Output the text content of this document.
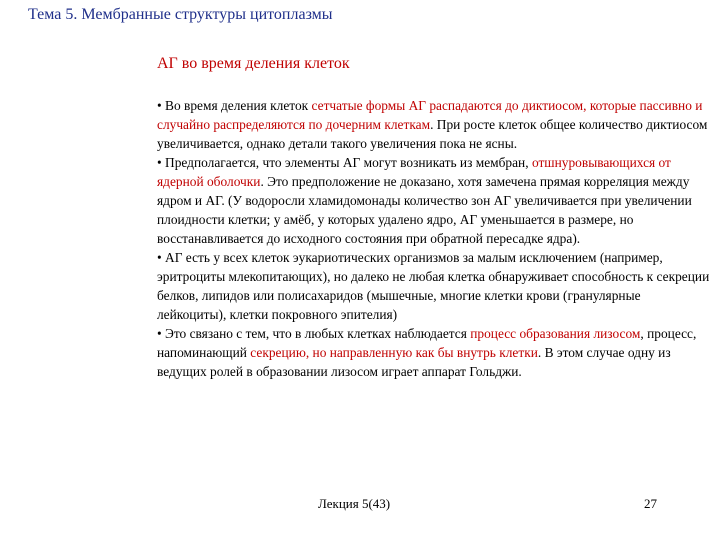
Тема 5. Мембранные структуры цитоплазмы
АГ во время деления клеток

• Во время деления клеток сетчатые формы АГ распадаются до диктиосом, которые пассивно и случайно распределяются по дочерним клеткам. При росте клеток общее количество диктиосом увеличивается, однако детали такого увеличения пока не ясны.

• Предполагается, что элементы АГ могут возникать из мембран, отшнуровывающихся от ядерной оболочки. Это предположение не доказано, хотя замечена прямая корреляция между ядром и АГ. (У водоросли хламидомонады количество зон АГ увеличивается при увеличении плоидности клетки; у амёб, у которых удалено ядро, АГ уменьшается в размере, но восстанавливается до исходного состояния при обратной пересадке ядра).

• АГ есть у всех клеток эукариотических организмов за малым исключением (например, эритроциты млекопитающих), но далеко не любая клетка обнаруживает способность к секреции белков, липидов или полисахаридов (мышечные, многие клетки крови (гранулярные лейкоциты), клетки покровного эпителия)

• Это связано с тем, что в любых клетках наблюдается процесс образования лизосом, процесс, напоминающий секрецию, но направленную как бы внутрь клетки. В этом случае одну из ведущих ролей в образовании лизосом играет аппарат Гольджи.

Лекция 5(43)	27
